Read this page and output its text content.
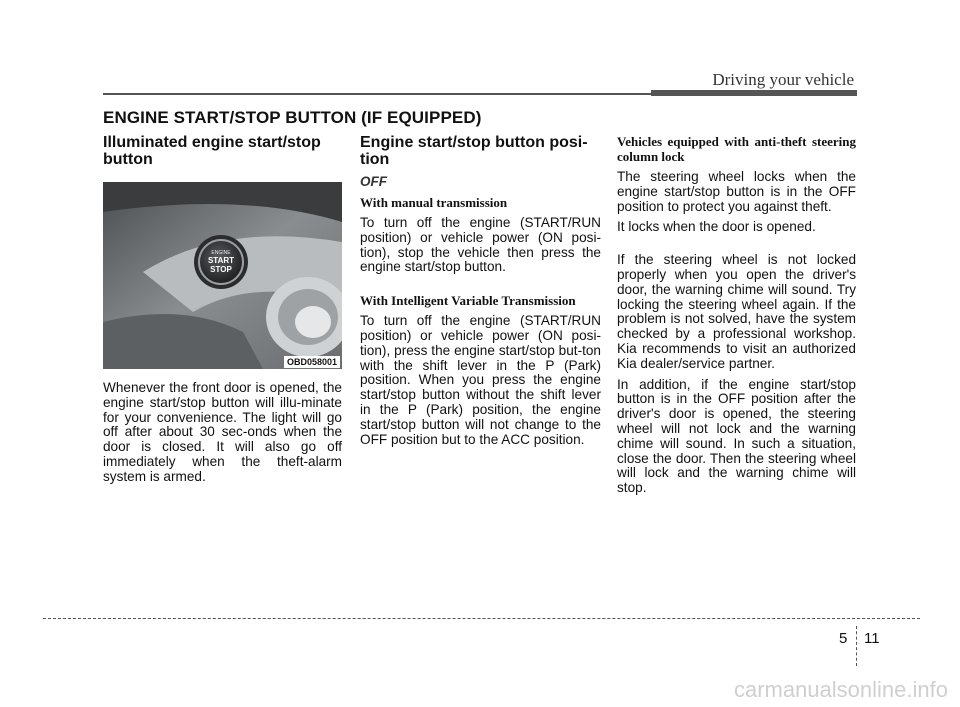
Driving your vehicle
ENGINE START/STOP BUTTON (IF EQUIPPED)
Illuminated engine start/stop button
ENGINE
START
STOP
OBD058001

Whenever the front door is opened, the engine start/stop button will illu-minate for your convenience. The light will go off after about 30 sec-onds when the door is closed. It will also go off immediately when the theft-alarm system is armed.

Engine start/stop button posi-tion
OFF
With manual transmission

To turn off the engine (START/RUN position) or vehicle power (ON posi-tion), stop the vehicle then press the engine start/stop button.

With Intelligent Variable Transmission

To turn off the engine (START/RUN position) or vehicle power (ON posi-tion), press the engine start/stop but-ton with the shift lever in the P (Park) position. When you press the engine start/stop button without the shift lever in the P (Park) position, the engine start/stop button will not change to the OFF position but to the ACC position.

Vehicles equipped with anti-theft steering column lock

The steering wheel locks when the engine start/stop button is in the OFF position to protect you against theft.

It locks when the door is opened.

If the steering wheel is not locked properly when you open the driver's door, the warning chime will sound. Try locking the steering wheel again. If the problem is not solved, have the system checked by a professional workshop. Kia recommends to visit an authorized Kia dealer/service partner.

In addition, if the engine start/stop button is in the OFF position after the driver's door is opened, the steering wheel will not lock and the warning chime will sound. In such a situation, close the door. Then the steering wheel will lock and the warning chime will stop.

5 11
carmanualsonline.info
